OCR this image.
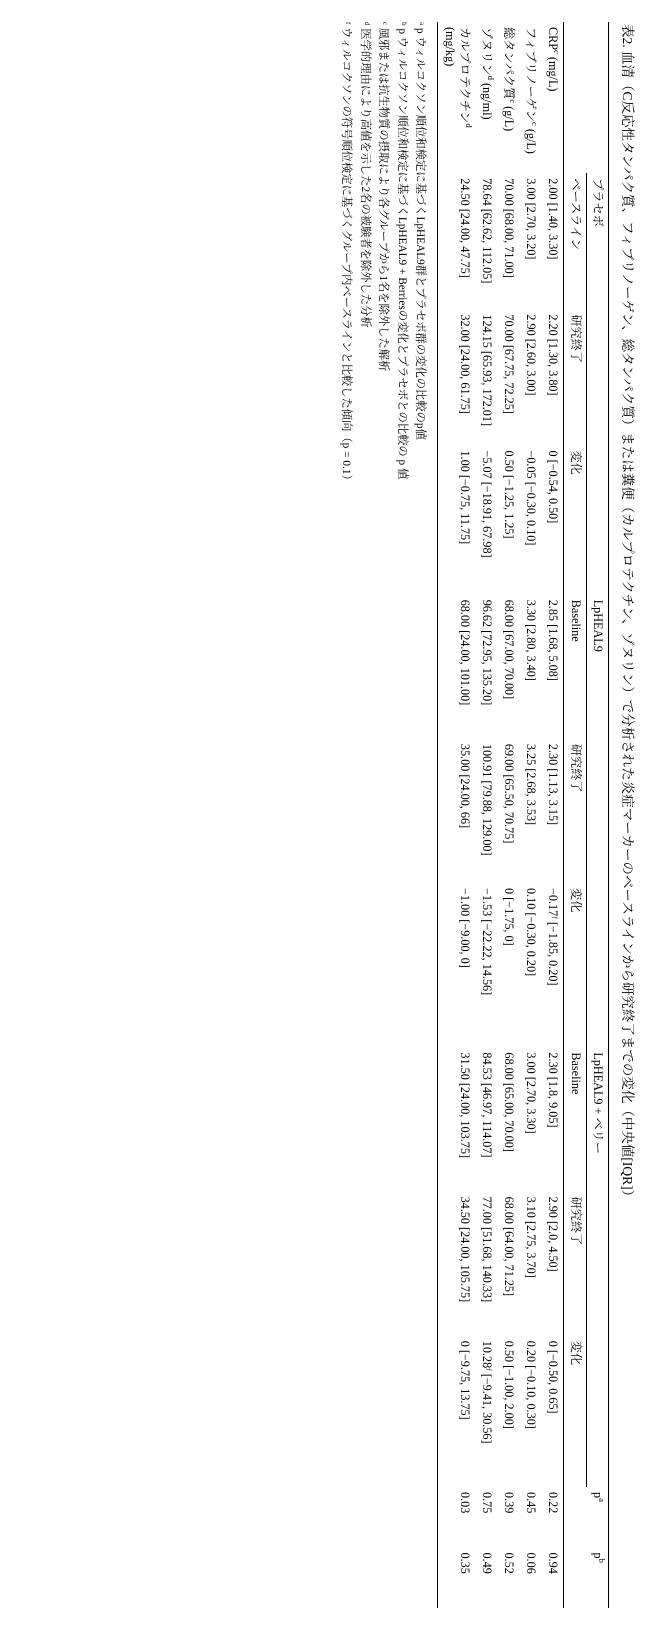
表2. 血清（C反応性タンパク質、フィブリノーゲン、総タンパク質）または糞便（カルプロテクチン、ゾヌリン）で分析された炎症マーカーのベースラインから研究終了までの変化（中央値[IQR]）
	プラセボ			LpHEAL9			LpHEAL9 + ベリー			$p^a$	$p^b$
	ベースライン	研究終了	変化	Baseline	研究終了	変化	Baseline	研究終了	変化		
CRP$^c$ (mg/L)	2.00 [1.40, 3.30]	2.20 [1.30, 3.80]	0 [−0.54, 0.50]	2.85 [1.68, 5.08]	2.30 [1.13, 3.15]	−0.17ᶠ [−1.85, 0.20]	2.30 [1.8, 9.05]	2.90 [2.0, 4.50]	0 [−0.50, 0.65]	0.22	0.94
フィブリノーゲン$^c$ (g/L)	3.00 [2.70, 3.20]	2.90 [2.60, 3.00]	−0.05 [−0.30, 0.10]	3.30 [2.80, 3.40]	3.25 [2.68, 3.53]	0.10 [−0.30, 0.20]	3.00 [2.70, 3.30]	3.10 [2.75, 3.70]	0.20 [−0.10, 0.30]	0.45	0.06
総タンパク質$^c$ (g/L)	70.00 [68.00, 71.00]	70.00 [67.75, 72.25]	0.50 [−1.25, 1.25]	68.00 [67.00, 70.00]	69.00 [65.50, 70.75]	0 [−1.75, 0]	68.00 [65.00, 70.00]	68.00 [64.00, 71.25]	0.50 [−1.00, 2.00]	0.39	0.52
ゾヌリン$^d$ (ng/ml)	78.64 [62.62, 112.05]	124.15 [65.93, 172.01]	−5.07 [−18.91, 67.98]	96.62 [72.95, 135.20]	100.91 [79.88, 129.00]	−1.53 [−22.22, 14.56]	84.53 [46.97, 114.07]	77.00 [51.68, 140.33]	10.28ᶠ [−9.41, 30.56]	0.75	0.49
カルプロテクチン$^d$ (mg/kg)	24.50 [24.00, 47.75]	32.00 [24.00, 61.75]	1.00 [−0.75, 11.75]	68.00 [24.00, 101.00]	35.00 [24.00, 66]	−1.00 [−9.00, 0]	31.50 [24.00, 103.75]	34.50 [24.00, 105.75]	0 [−9.75, 13.75]	0.03	0.35
ᵃ p ウィルコクソン順位和検定に基づくLpHEAL9群とプラセボ群の変化の比較のp値
ᵇ p ウィルコクソン順位和検定に基づくLpHEAL9 + Berriesの変化とプラセボとの比較の p 値
ᶜ 風邪または抗生物質の摂取により各グループから1名を除外した解析
ᵈ 医学的理由により高値を示した2名の被験者を除外した分析
ᶠ ウィルコクソンの符号順位検定に基づくグループ内ベースラインと比較した傾向（p = 0.1）
